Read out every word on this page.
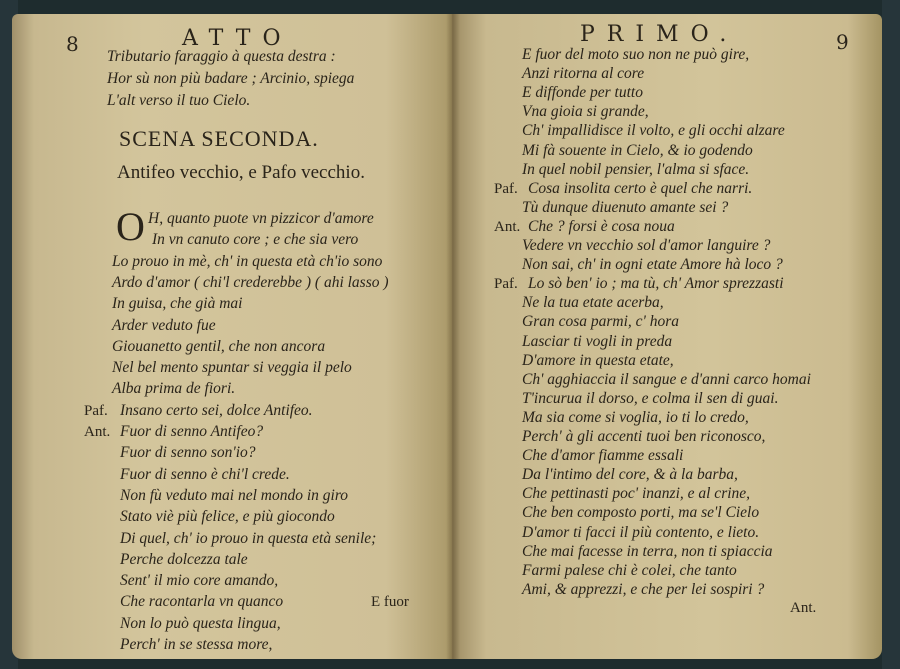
8	ATTO
Tributario faraggio à questa destra :
Hor sù non più badare ; Arcinio, spiega
L'alt verso il tuo Cielo.
SCENA SECONDA.
Antifeo vecchio, e Pafo vecchio.
O H, quanto puote vn pizzicor d'amore
In vn canuto core ; e che sia vero
Lo prouo in mè, ch' in questa età ch'io sono
Ardo d'amor ( chi'l crederebbe ) ( ahi lasso )
In guisa, che già mai
Arder veduto fue
Giouanetto gentil, che non ancora
Nel bel mento spuntar si veggia il pelo
Alba prima de fiori.
Paf. Insano certo sei, dolce Antifeo.
Ant. Fuor di senno Antifeo?
Fuor di senno son'io?
Fuor di senno è chi'l crede.
Non fù veduto mai nel mondo in giro
Stato viè più felice, e più giocondo
Di quel, ch' io prouo in questa età senile;
Perche dolcezza tale
Sent' il mio core amando,
Che racontarla vn quanco
Non lo può questa lingua,
Perch' in se stessa more,
E fuor
PRIMO.	9
E fuor del moto suo non ne può gire,
Anzi ritorna al core
E diffonde per tutto
Vna gioia si grande,
Ch' impallidisce il volto, e gli occhi alzare
Mi fà souente in Cielo, & io godendo
In quel nobil pensier, l'alma si sface.
Paf. Cosa insolita certo è quel che narri.
Tù dunque diuenuto amante sei ?
Ant. Che ? forsi è cosa noua
Vedere vn vecchio sol d'amor languire ?
Non sai, ch' in ogni etate Amore hà loco ?
Paf. Lo sò ben' io ; ma tù, ch' Amor sprezzasti
Ne la tua etate acerba,
Gran cosa parmi, c' hora
Lasciar ti vogli in preda
D'amore in questa etate,
Ch' agghiaccia il sangue e d'anni carco homai
T'incurua il dorso, e colma il sen di guai.
Ma sia come si voglia, io ti lo credo,
Perch' à gli accenti tuoi ben riconosco,
Che d'amor fiamme essali
Da l'intimo del core, & à la barba,
Che pettinasti poc' inanzi, e al crine,
Che ben composto porti, ma se'l Cielo
D'amor ti facci il più contento, e lieto.
Che mai facesse in terra, non ti spiaccia
Farmi palese chi è colei, che tanto
Ami, & apprezzi, e che per lei sospiri ?
Ant.
